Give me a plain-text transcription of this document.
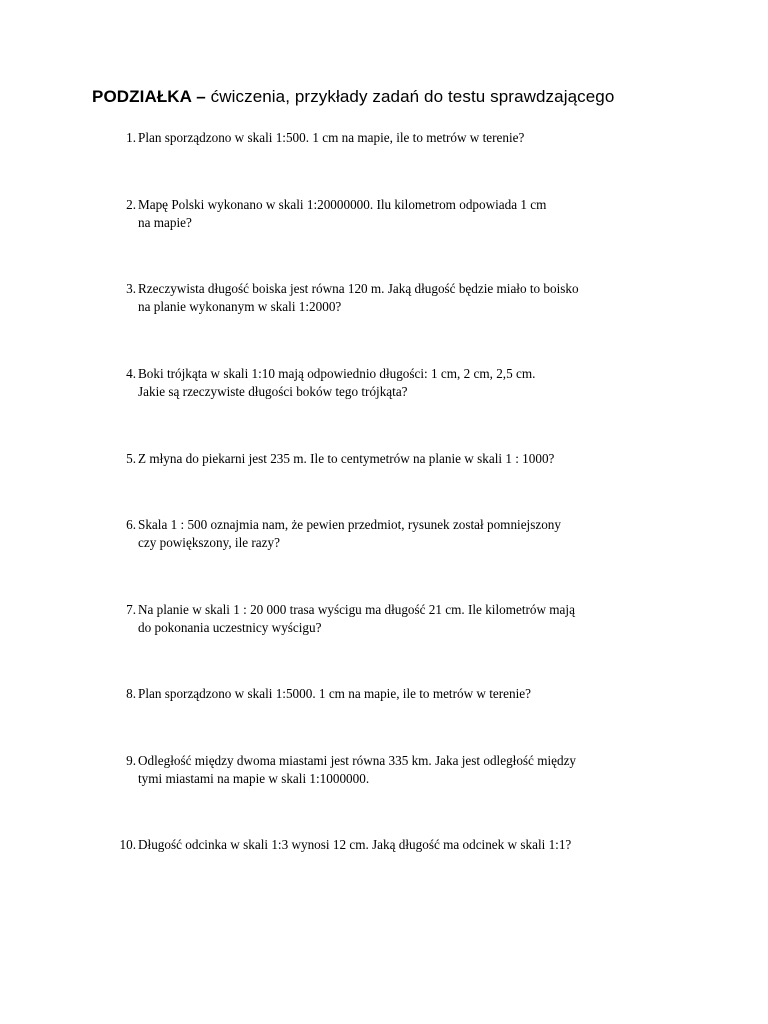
PODZIAŁKA – ćwiczenia, przykłady zadań do testu sprawdzającego
1. Plan sporządzono w skali 1:500. 1 cm na mapie, ile to metrów w terenie?
2. Mapę Polski wykonano w skali 1:20000000. Ilu kilometrom odpowiada 1 cm
na mapie?
3. Rzeczywista długość boiska jest równa 120 m. Jaką długość będzie miało to boisko
na planie wykonanym w skali 1:2000?
4. Boki trójkąta w skali 1:10 mają odpowiednio długości: 1 cm, 2 cm, 2,5 cm.
Jakie są rzeczywiste długości boków tego trójkąta?
5. Z młyna do piekarni jest 235 m. Ile to centymetrów na planie w skali 1 : 1000?
6. Skala 1 : 500 oznajmia nam, że pewien przedmiot, rysunek został pomniejszony
czy powiększony, ile razy?
7. Na planie w skali 1 : 20 000 trasa wyścigu ma długość 21 cm. Ile kilometrów mają
do pokonania uczestnicy wyścigu?
8. Plan sporządzono w skali 1:5000. 1 cm na mapie, ile to metrów w terenie?
9. Odległość między dwoma miastami jest równa 335 km. Jaka jest odległość między
tymi miastami na mapie w skali 1:1000000.
10. Długość odcinka w skali 1:3 wynosi 12 cm. Jaką długość ma odcinek w skali 1:1?
